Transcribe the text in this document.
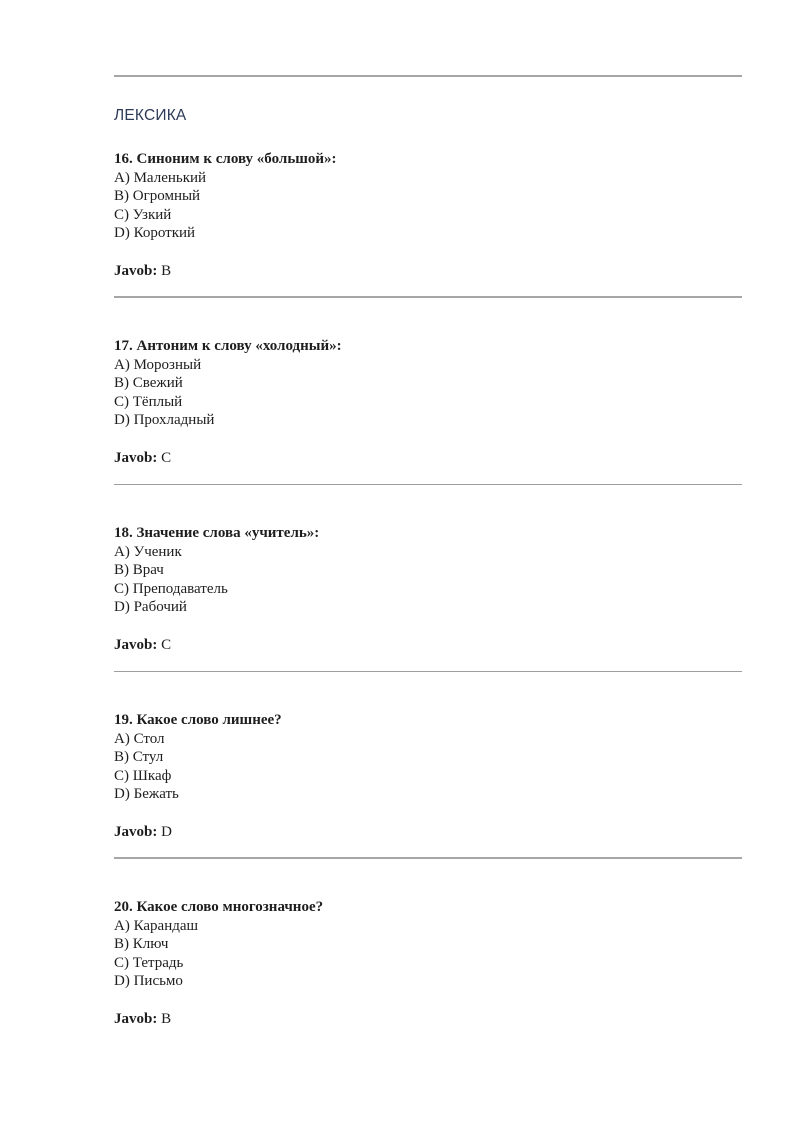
ЛЕКСИКА

16. Синоним к слову «большой»:

A) Маленький
B) Огромный
C) Узкий
D) Короткий
Javob: B

17. Антоним к слову «холодный»:

A) Морозный
B) Свежий
C) Тёплый
D) Прохладный
Javob: C

18. Значение слова «учитель»:

A) Ученик
B) Врач
C) Преподаватель
D) Рабочий
Javob: C

19. Какое слово лишнее?

A) Стол
B) Стул
C) Шкаф
D) Бежать
Javob: D

20. Какое слово многозначное?

A) Карандаш
B) Ключ
C) Тетрадь
D) Письмо
Javob: B
